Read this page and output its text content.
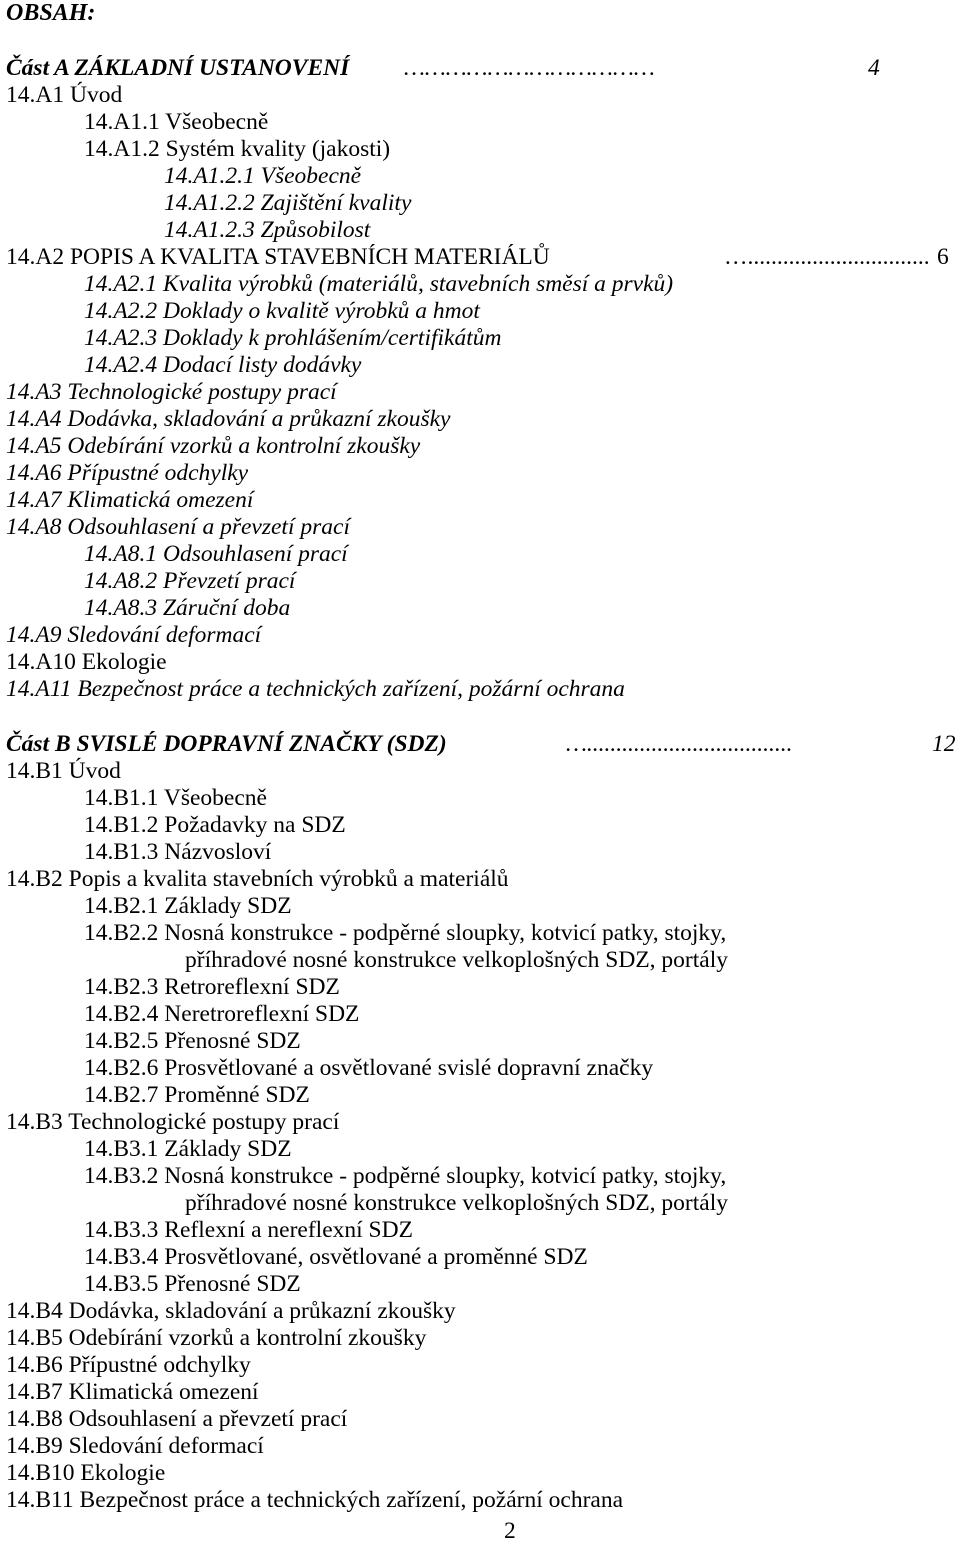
OBSAH:
Část A ZÁKLADNÍ USTANOVENÍ ………………………………	4
14.A1 Úvod
14.A1.1 Všeobecně
14.A1.2 Systém kvality (jakosti)
14.A1.2.1 Všeobecně
14.A1.2.2 Zajištění kvality
14.A1.2.3 Způsobilost
14.A2 POPIS A KVALITA STAVEBNÍCH MATERIÁLŮ	…............................... 6
14.A2.1 Kvalita výrobků (materiálů, stavebních směsí a prvků)
14.A2.2 Doklady o kvalitě výrobků a hmot
14.A2.3 Doklady k prohlášením/certifikátům
14.A2.4 Dodací listy dodávky
14.A3 Technologické postupy prací
14.A4 Dodávka, skladování a průkazní zkoušky
14.A5 Odebírání vzorků a kontrolní zkoušky
14.A6 Přípustné odchylky
14.A7 Klimatická omezení
14.A8 Odsouhlasení a převzetí prací
14.A8.1 Odsouhlasení prací
14.A8.2 Převzetí prací
14.A8.3 Záruční doba
14.A9 Sledování deformací
14.A10 Ekologie
14.A11 Bezpečnost práce a technických zařízení, požární ochrana
Část B SVISLÉ DOPRAVNÍ ZNAČKY (SDZ)	…...................................	12
14.B1 Úvod
14.B1.1 Všeobecně
14.B1.2 Požadavky na SDZ
14.B1.3 Názvosloví
14.B2 Popis a kvalita stavebních výrobků a materiálů
14.B2.1 Základy SDZ
14.B2.2 Nosná konstrukce - podpěrné sloupky, kotvicí patky, stojky,
příhradové nosné konstrukce velkoplošných SDZ, portály
14.B2.3 Retroreflexní SDZ
14.B2.4 Neretroreflexní SDZ
14.B2.5 Přenosné SDZ
14.B2.6 Prosvětlované a osvětlované svislé dopravní značky
14.B2.7 Proměnné SDZ
14.B3 Technologické postupy prací
14.B3.1 Základy SDZ
14.B3.2 Nosná konstrukce - podpěrné sloupky, kotvicí patky, stojky,
příhradové nosné konstrukce velkoplošných SDZ, portály
14.B3.3 Reflexní a nereflexní SDZ
14.B3.4 Prosvětlované, osvětlované a proměnné SDZ
14.B3.5 Přenosné SDZ
14.B4 Dodávka, skladování a průkazní zkoušky
14.B5 Odebírání vzorků a kontrolní zkoušky
14.B6 Přípustné odchylky
14.B7 Klimatická omezení
14.B8 Odsouhlasení a převzetí prací
14.B9 Sledování deformací
14.B10 Ekologie
14.B11 Bezpečnost práce a technických zařízení, požární ochrana
2
